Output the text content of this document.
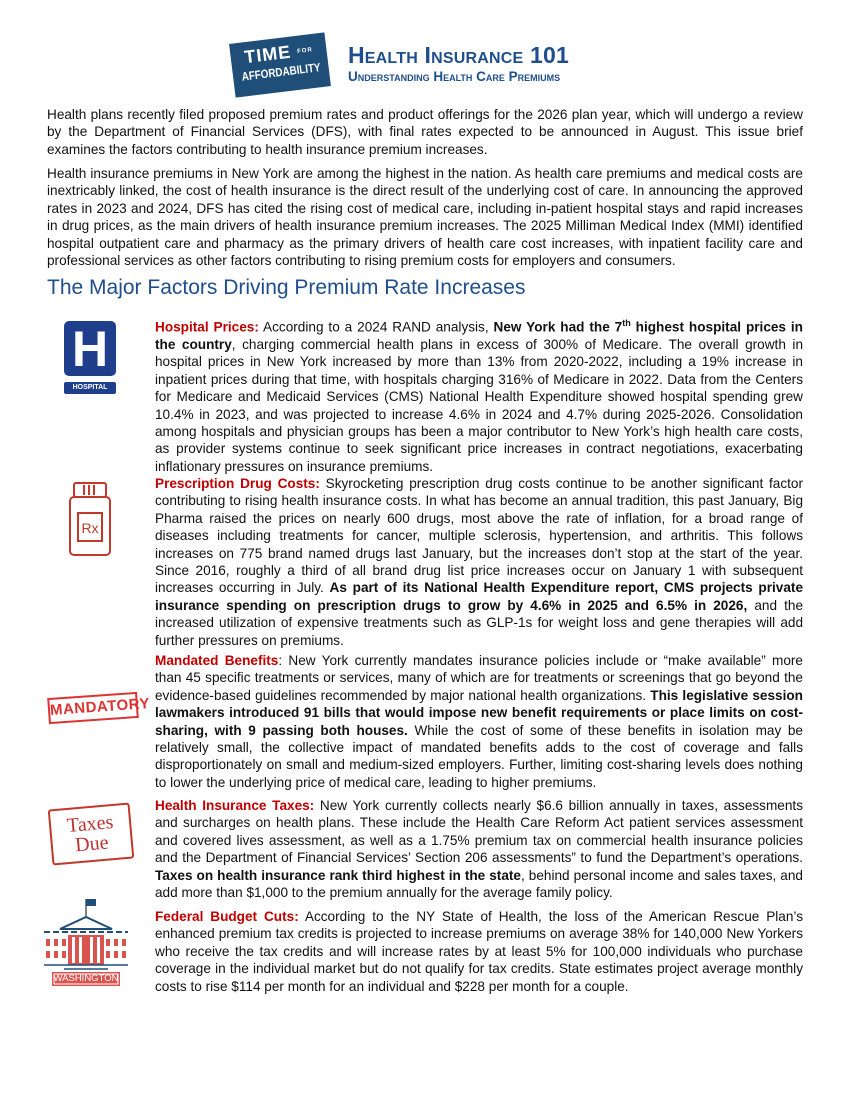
TIME FOR
AFFORDABILITY
Health Insurance 101
Understanding Health Care Premiums

Health plans recently filed proposed premium rates and product offerings for the 2026 plan year, which will undergo a review by the Department of Financial Services (DFS), with final rates expected to be announced in August. This issue brief examines the factors contributing to health insurance premium increases.

Health insurance premiums in New York are among the highest in the nation. As health care premiums and medical costs are inextricably linked, the cost of health insurance is the direct result of the underlying cost of care. In announcing the approved rates in 2023 and 2024, DFS has cited the rising cost of medical care, including in-patient hospital stays and rapid increases in drug prices, as the main drivers of health insurance premium increases. The 2025 Milliman Medical Index (MMI) identified hospital outpatient care and pharmacy as the primary drivers of health care cost increases, with inpatient facility care and professional services as other factors contributing to rising premium costs for employers and consumers.

The Major Factors Driving Premium Rate Increases
H
HOSPITAL

Hospital Prices: According to a 2024 RAND analysis, New York had the 7th highest hospital prices in the country, charging commercial health plans in excess of 300% of Medicare. The overall growth in hospital prices in New York increased by more than 13% from 2020-2022, including a 19% increase in inpatient prices during that time, with hospitals charging 316% of Medicare in 2022. Data from the Centers for Medicare and Medicaid Services (CMS) National Health Expenditure showed hospital spending grew 10.4% in 2023, and was projected to increase 4.6% in 2024 and 4.7% during 2025-2026. Consolidation among hospitals and physician groups has been a major contributor to New York’s high health care costs, as provider systems continue to seek significant price increases in contract negotiations, exacerbating inflationary pressures on insurance premiums.

Rx

Prescription Drug Costs: Skyrocketing prescription drug costs continue to be another significant factor contributing to rising health insurance costs. In what has become an annual tradition, this past January, Big Pharma raised the prices on nearly 600 drugs, most above the rate of inflation, for a broad range of diseases including treatments for cancer, multiple sclerosis, hypertension, and arthritis. This follows increases on 775 brand named drugs last January, but the increases don’t stop at the start of the year. Since 2016, roughly a third of all brand drug list price increases occur on January 1 with subsequent increases occurring in July. As part of its National Health Expenditure report, CMS projects private insurance spending on prescription drugs to grow by 4.6% in 2025 and 6.5% in 2026, and the increased utilization of expensive treatments such as GLP-1s for weight loss and gene therapies will add further pressures on premiums.

MANDATORY

Mandated Benefits: New York currently mandates insurance policies include or “make available” more than 45 specific treatments or services, many of which are for treatments or screenings that go beyond the evidence-based guidelines recommended by major national health organizations. This legislative session lawmakers introduced 91 bills that would impose new benefit requirements or place limits on cost-sharing, with 9 passing both houses. While the cost of some of these benefits in isolation may be relatively small, the collective impact of mandated benefits adds to the cost of coverage and falls disproportionately on small and medium-sized employers. Further, limiting cost-sharing levels does nothing to lower the underlying price of medical care, leading to higher premiums.

Taxes
Due

Health Insurance Taxes: New York currently collects nearly $6.6 billion annually in taxes, assessments and surcharges on health plans. These include the Health Care Reform Act patient services assessment and covered lives assessment, as well as a 1.75% premium tax on commercial health insurance policies and the Department of Financial Services’ Section 206 assessments” to fund the Department’s operations. Taxes on health insurance rank third highest in the state, behind personal income and sales taxes, and add more than $1,000 to the premium annually for the average family policy.

WASHINGTON

Federal Budget Cuts: According to the NY State of Health, the loss of the American Rescue Plan’s enhanced premium tax credits is projected to increase premiums on average 38% for 140,000 New Yorkers who receive the tax credits and will increase rates by at least 5% for 100,000 individuals who purchase coverage in the individual market but do not qualify for tax credits. State estimates project average monthly costs to rise $114 per month for an individual and $228 per month for a couple.
